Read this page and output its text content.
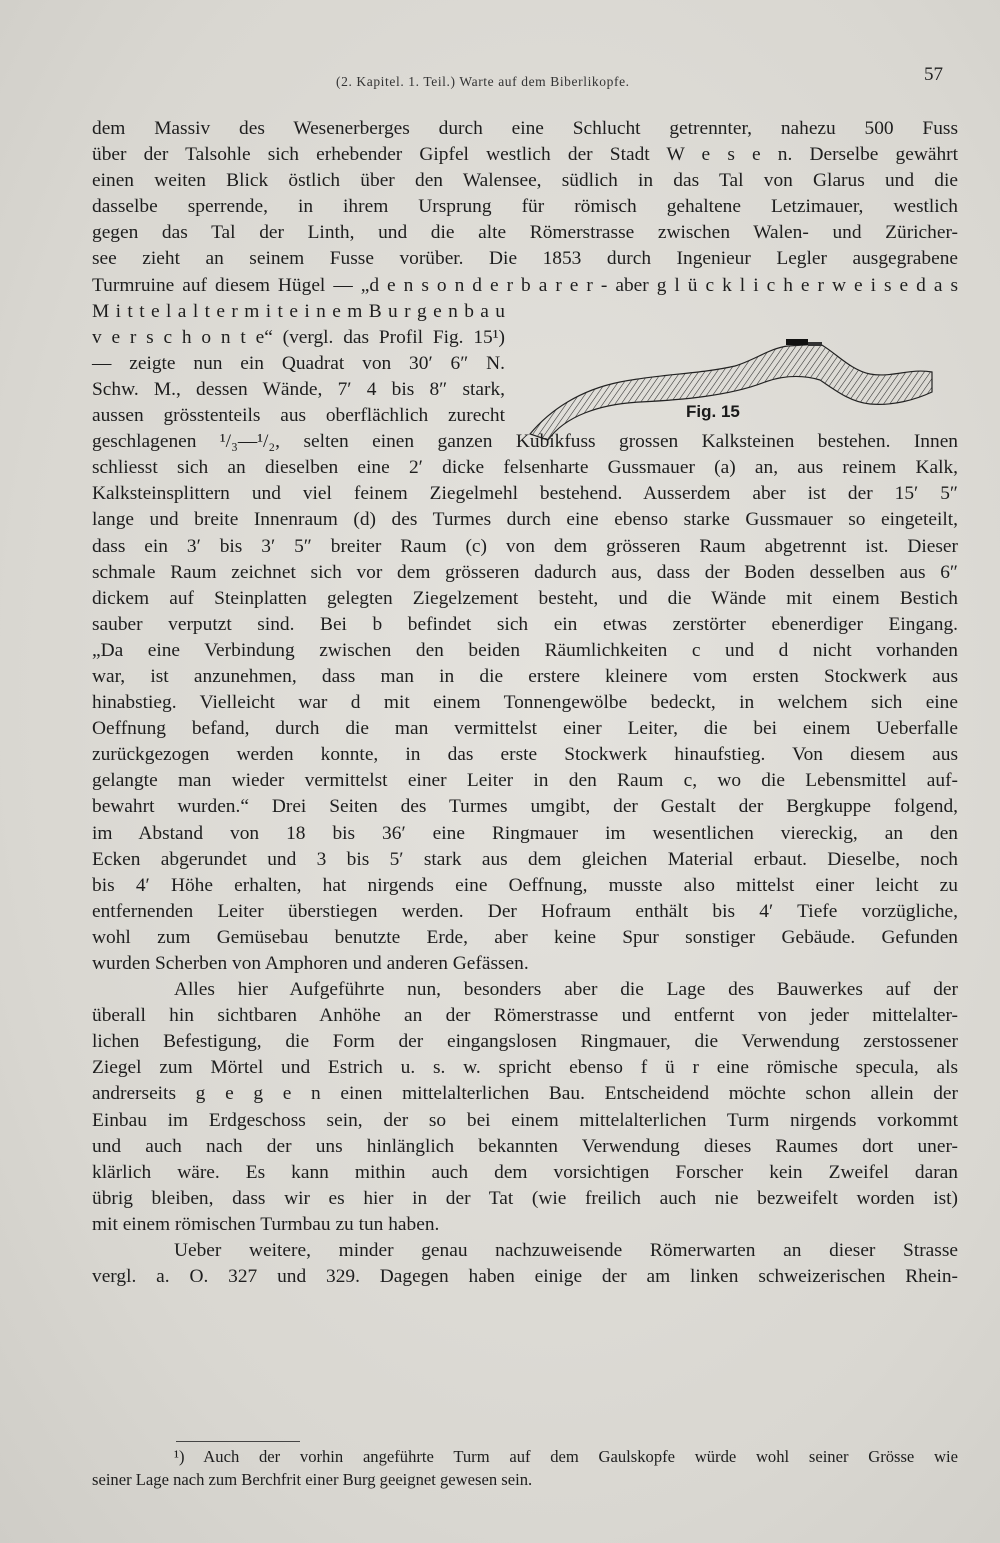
(2. Kapitel. 1. Teil.) Warte auf dem Biberlikopfe.	57
Fig. 15
dem Massiv des Wesenerberges durch eine Schlucht getrennter, nahezu 500 Fuss
über der Talsohle sich erhebender Gipfel westlich der Stadt W e s e n. Derselbe gewährt
einen weiten Blick östlich über den Walensee, südlich in das Tal von Glarus und die
dasselbe sperrende, in ihrem Ursprung für römisch gehaltene Letzimauer, westlich
gegen das Tal der Linth, und die alte Römerstrasse zwischen Walen- und Züricher-
see zieht an seinem Fusse vorüber. Die 1853 durch Ingenieur Legler ausgegrabene
Turmruine auf diesem Hügel — „d e n s o n d e r b a r e r - aber g l ü c k l i c h e r w e i s e d a s
M i t t e l a l t e r m i t e i n e m B u r g e n b a u
v e r s c h o n t e“ (vergl. das Profil Fig. 15¹)
— zeigte nun ein Quadrat von 30′ 6″ N.
Schw. M., dessen Wände, 7′ 4 bis 8″ stark,
aussen grösstenteils aus oberflächlich zurecht
geschlagenen ¹/₃—¹/₂, selten einen ganzen Kubikfuss grossen Kalksteinen bestehen. Innen
schliesst sich an dieselben eine 2′ dicke felsenharte Gussmauer (a) an, aus reinem Kalk,
Kalksteinsplittern und viel feinem Ziegelmehl bestehend. Ausserdem aber ist der 15′ 5″
lange und breite Innenraum (d) des Turmes durch eine ebenso starke Gussmauer so eingeteilt,
dass ein 3′ bis 3′ 5″ breiter Raum (c) von dem grösseren Raum abgetrennt ist. Dieser
schmale Raum zeichnet sich vor dem grösseren dadurch aus, dass der Boden desselben aus 6″
dickem auf Steinplatten gelegten Ziegelzement besteht, und die Wände mit einem Bestich
sauber verputzt sind. Bei b befindet sich ein etwas zerstörter ebenerdiger Eingang.
„Da eine Verbindung zwischen den beiden Räumlichkeiten c und d nicht vorhanden
war, ist anzunehmen, dass man in die erstere kleinere vom ersten Stockwerk aus
hinabstieg. Vielleicht war d mit einem Tonnengewölbe bedeckt, in welchem sich eine
Oeffnung befand, durch die man vermittelst einer Leiter, die bei einem Ueberfalle
zurückgezogen werden konnte, in das erste Stockwerk hinaufstieg. Von diesem aus
gelangte man wieder vermittelst einer Leiter in den Raum c, wo die Lebensmittel auf-
bewahrt wurden.“ Drei Seiten des Turmes umgibt, der Gestalt der Bergkuppe folgend,
im Abstand von 18 bis 36′ eine Ringmauer im wesentlichen viereckig, an den
Ecken abgerundet und 3 bis 5′ stark aus dem gleichen Material erbaut. Dieselbe, noch
bis 4′ Höhe erhalten, hat nirgends eine Oeffnung, musste also mittelst einer leicht zu
entfernenden Leiter überstiegen werden. Der Hofraum enthält bis 4′ Tiefe vorzügliche,
wohl zum Gemüsebau benutzte Erde, aber keine Spur sonstiger Gebäude. Gefunden
wurden Scherben von Amphoren und anderen Gefässen.
Alles hier Aufgeführte nun, besonders aber die Lage des Bauwerkes auf der
überall hin sichtbaren Anhöhe an der Römerstrasse und entfernt von jeder mittelalter-
lichen Befestigung, die Form der eingangslosen Ringmauer, die Verwendung zerstossener
Ziegel zum Mörtel und Estrich u. s. w. spricht ebenso f ü r eine römische specula, als
andrerseits g e g e n einen mittelalterlichen Bau. Entscheidend möchte schon allein der
Einbau im Erdgeschoss sein, der so bei einem mittelalterlichen Turm nirgends vorkommt
und auch nach der uns hinlänglich bekannten Verwendung dieses Raumes dort uner-
klärlich wäre. Es kann mithin auch dem vorsichtigen Forscher kein Zweifel daran
übrig bleiben, dass wir es hier in der Tat (wie freilich auch nie bezweifelt worden ist)
mit einem römischen Turmbau zu tun haben.
Ueber weitere, minder genau nachzuweisende Römerwarten an dieser Strasse
vergl. a. O. 327 und 329. Dagegen haben einige der am linken schweizerischen Rhein-
¹) Auch der vorhin angeführte Turm auf dem Gaulskopfe würde wohl seiner Grösse wie
seiner Lage nach zum Berchfrit einer Burg geeignet gewesen sein.
